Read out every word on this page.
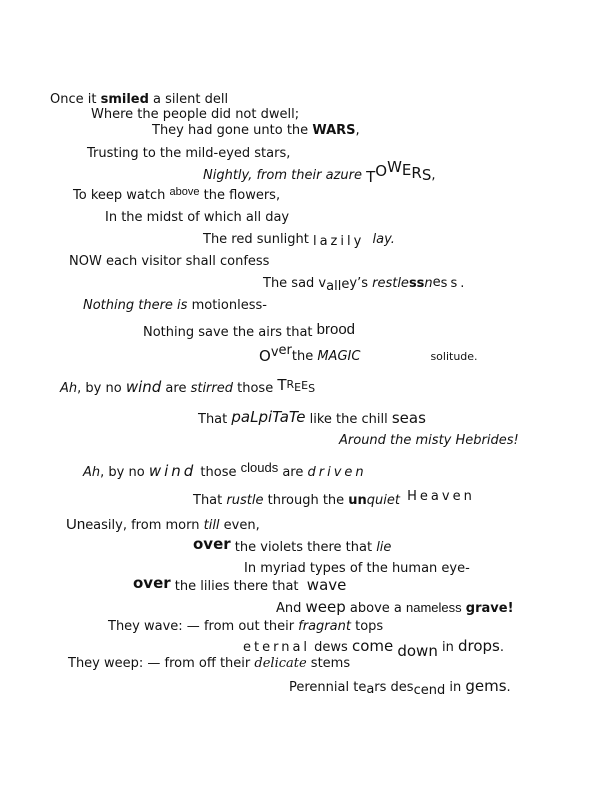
Once it smiled a silent dell
Where the people did not dwell;
They had gone unto the WARS,
Trusting to the mild-eyed stars,
Nightly, from their azure TOWERS,
To keep watch above the flowers,
In the midst of which all day
The red sunlight lazily lay.
NOW each visitor shall confess
The sad valley’s restlessness.
Nothing there is motionless-
Nothing save the airs that brood
Overthe MAGIC	solitude.
Ah, by no wind are stirred those TREES
That paLpiTaTe like the chill seas
Around the misty Hebrides!
Ah, by no wind those clouds are driven
That rustle through the unquiet Heaven
Uneasily, from morn till even,
over the violets there that lie
In myriad types of the human eye-
over the lilies there that  wave
And weep above a nameless grave!
They wave: — from out their fragrant tops
eternal dews come down in drops.
They weep: — from off their delicate stems
Perennial tears descend in gems.
